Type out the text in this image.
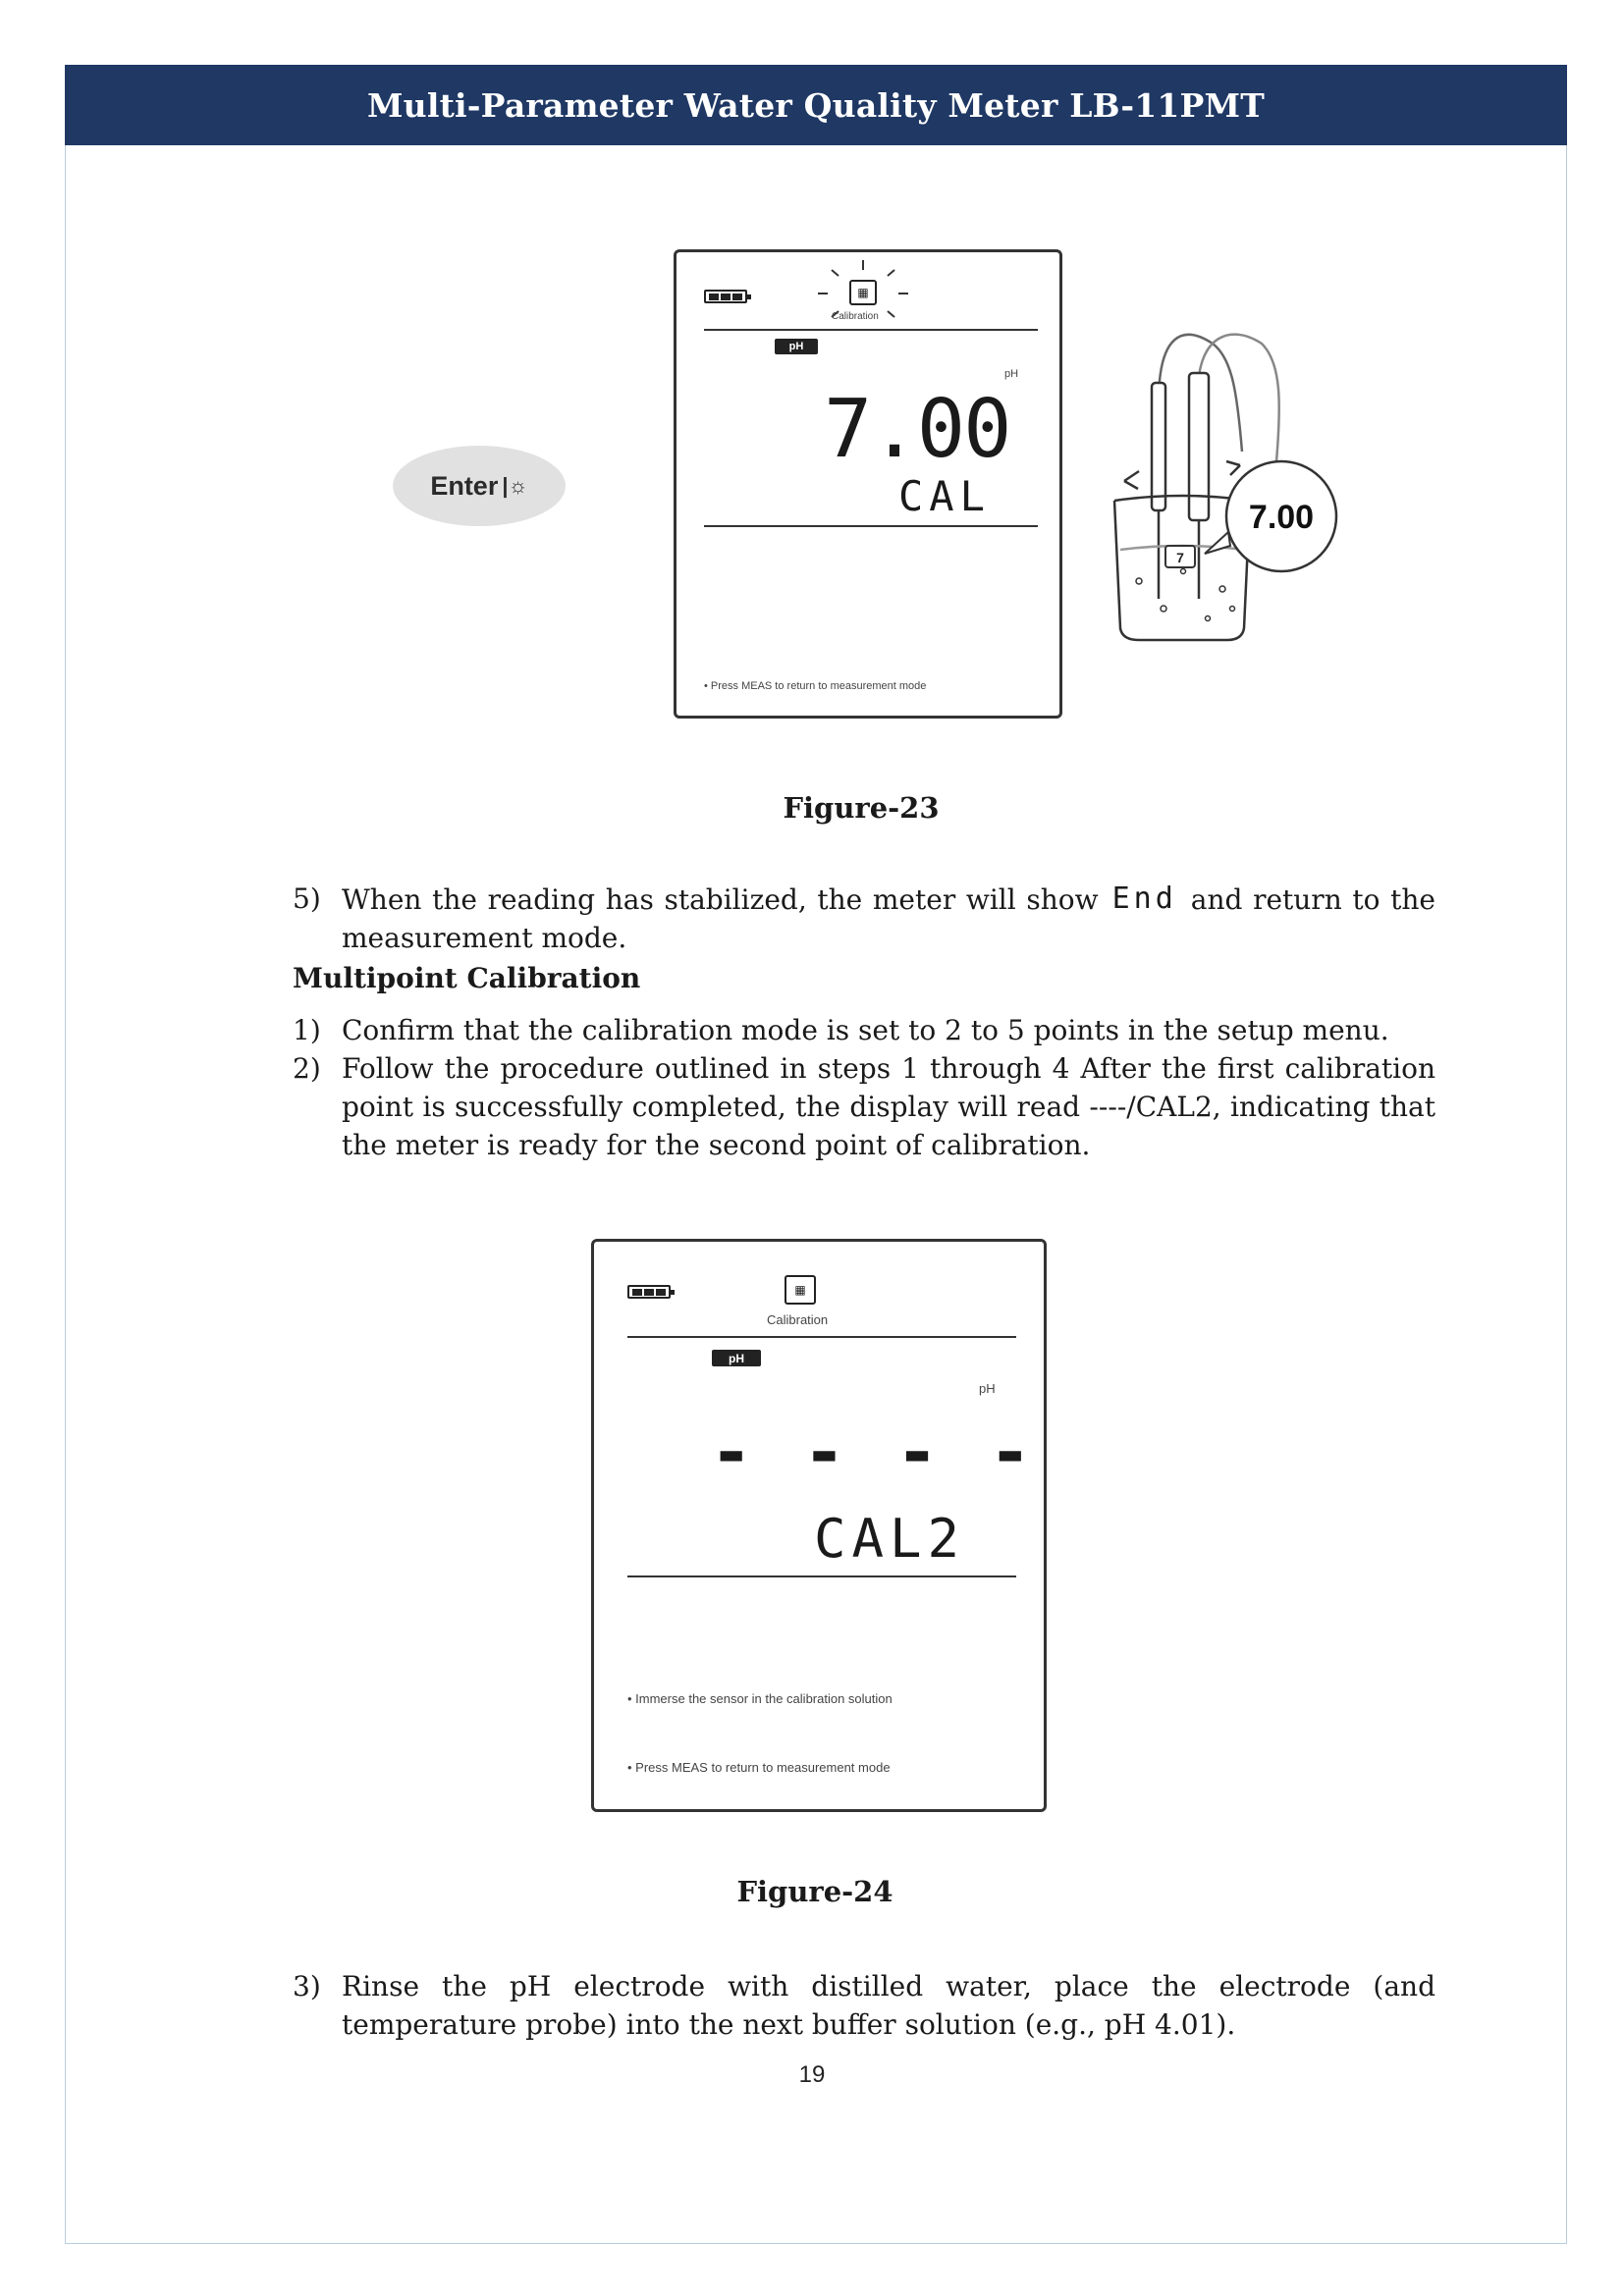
Multi-Parameter Water Quality Meter LB-11PMT
Enter |☼
▦
Calibration
pH
pH
7.00
CAL
• Press MEAS to return to measurement mode
7
7.00
Figure-23
5) When the reading has stabilized, the meter will show End and return to the measurement mode.
Multipoint Calibration
1) Confirm that the calibration mode is set to 2 to 5 points in the setup menu.
2) Follow the procedure outlined in steps 1 through 4 After the first calibration point is successfully completed, the display will read ----/CAL2, indicating that the meter is ready for the second point of calibration.
▦
Calibration
pH
pH
- - - -
CAL2
• Immerse the sensor in the calibration solution
• Press MEAS to return to measurement mode
Figure-24
3) Rinse the pH electrode with distilled water, place the electrode (and temperature probe) into the next buffer solution (e.g., pH 4.01).
19
